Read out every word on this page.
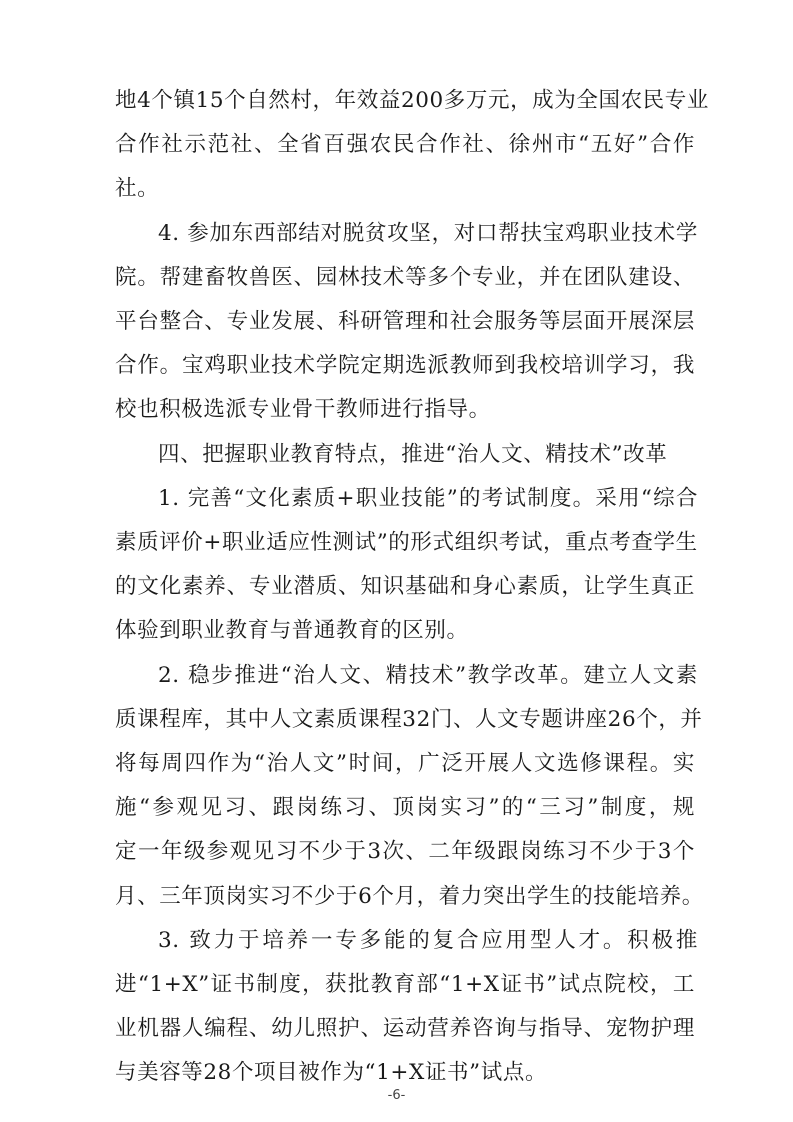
地4个镇15个自然村，年效益200多万元，成为全国农民专业
合作社示范社、全省百强农民合作社、徐州市“五好”合作
社。
4. 参加东西部结对脱贫攻坚，对口帮扶宝鸡职业技术学
院。帮建畜牧兽医、园林技术等多个专业，并在团队建设、
平台整合、专业发展、科研管理和社会服务等层面开展深层
合作。宝鸡职业技术学院定期选派教师到我校培训学习，我
校也积极选派专业骨干教师进行指导。
四、把握职业教育特点，推进“治人文、精技术”改革
1. 完善“文化素质+职业技能”的考试制度。采用“综合
素质评价+职业适应性测试”的形式组织考试，重点考查学生
的文化素养、专业潜质、知识基础和身心素质，让学生真正
体验到职业教育与普通教育的区别。
2. 稳步推进“治人文、精技术”教学改革。建立人文素
质课程库，其中人文素质课程32门、人文专题讲座26个，并
将每周四作为“治人文”时间，广泛开展人文选修课程。实
施“参观见习、跟岗练习、顶岗实习”的“三习”制度，规
定一年级参观见习不少于3次、二年级跟岗练习不少于3个
月、三年顶岗实习不少于6个月，着力突出学生的技能培养。
3. 致力于培养一专多能的复合应用型人才。积极推
进“1+X”证书制度，获批教育部“1+X证书”试点院校，工
业机器人编程、幼儿照护、运动营养咨询与指导、宠物护理
与美容等28个项目被作为“1+X证书”试点。
-6-
